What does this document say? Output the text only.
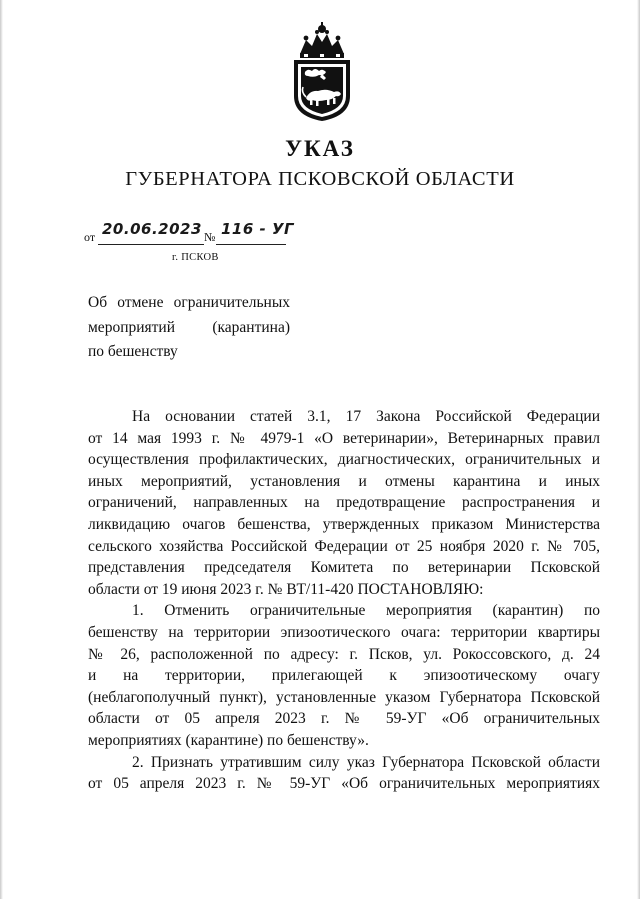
УКАЗ
ГУБЕРНАТОРА ПСКОВСКОЙ ОБЛАСТИ
от 20.06.2023 № 116 - УГ
г. ПСКОВ
Об отмене ограничительных
мероприятий (карантина)
по бешенству
На основании статей 3.1, 17 Закона Российской Федерации
от 14 мая 1993 г. № 4979-1 «О ветеринарии», Ветеринарных правил
осуществления профилактических, диагностических, ограничительных и
иных мероприятий, установления и отмены карантина и иных
ограничений, направленных на предотвращение распространения и
ликвидацию очагов бешенства, утвержденных приказом Министерства
сельского хозяйства Российской Федерации от 25 ноября 2020 г. № 705,
представления председателя Комитета по ветеринарии Псковской
области от 19 июня 2023 г. № ВТ/11-420 ПОСТАНОВЛЯЮ:
1. Отменить ограничительные мероприятия (карантин) по
бешенству на территории эпизоотического очага: территории квартиры
№ 26, расположенной по адресу: г. Псков, ул. Рокоссовского, д. 24
и на территории, прилегающей к эпизоотическому очагу
(неблагополучный пункт), установленные указом Губернатора Псковской
области от 05 апреля 2023 г. № 59-УГ «Об ограничительных
мероприятиях (карантине) по бешенству».
2. Признать утратившим силу указ Губернатора Псковской области
от 05 апреля 2023 г. № 59-УГ «Об ограничительных мероприятиях
